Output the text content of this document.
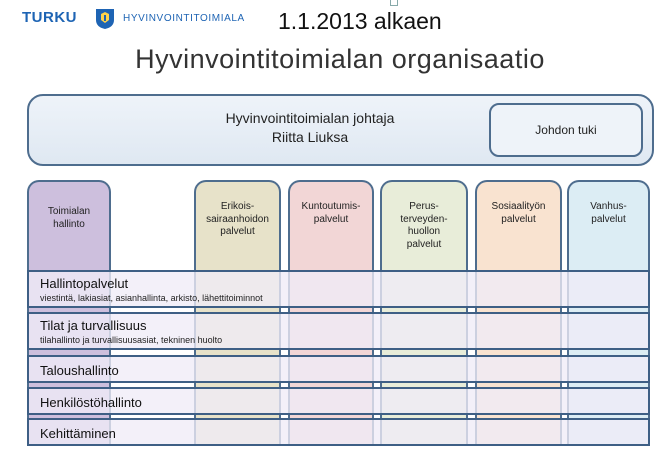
TURKU	HYVINVOINTITOIMIALA 1.1.2013 alkaen
Hyvinvointitoimialan organisaatio
Hyvinvointitoimialan johtaja
Riitta Liuksa	Johdon tuki
Toimialan
hallinto
Erikois-
sairaanhoidon
palvelut
Kuntoutumis-
palvelut
Perus-
terveyden-
huollon
palvelut
Sosiaalityön
palvelut
Vanhus-
palvelut
Hallintopalvelut
viestintä, lakiasiat, asianhallinta, arkisto, lähettitoiminnot
Tilat ja turvallisuus
tilahallinto ja turvallisuusasiat, tekninen huolto
Taloushallinto
Henkilöstöhallinto
Kehittäminen
